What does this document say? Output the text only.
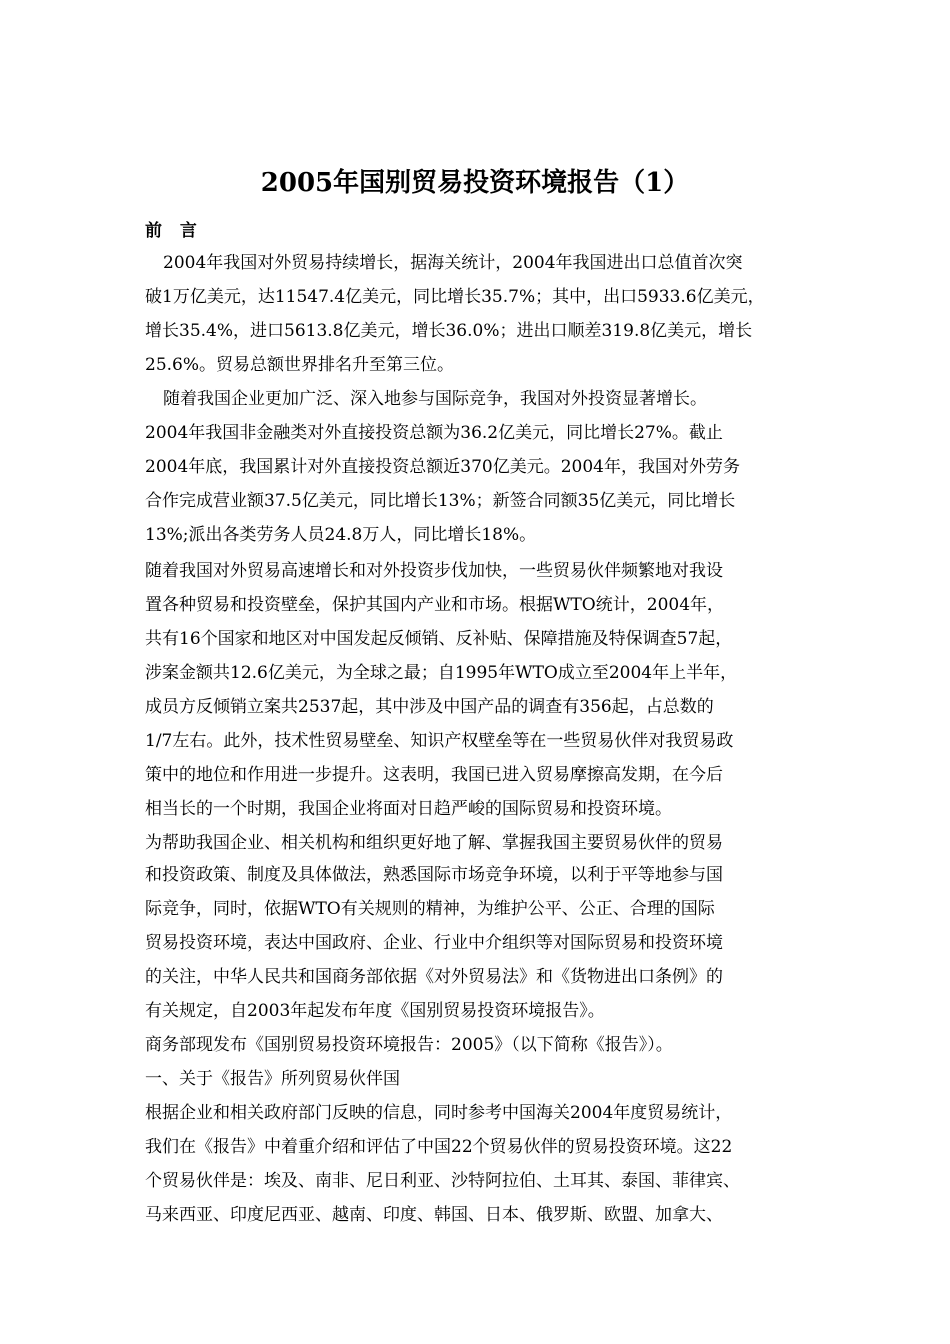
2005年国别贸易投资环境报告（1）
前 言
2004年我国对外贸易持续增长，据海关统计，2004年我国进出口总值首次突
破1万亿美元，达11547.4亿美元，同比增长35.7%；其中，出口5933.6亿美元，
增长35.4%，进口5613.8亿美元，增长36.0%；进出口顺差319.8亿美元，增长
25.6%。贸易总额世界排名升至第三位。
随着我国企业更加广泛、深入地参与国际竞争，我国对外投资显著增长。
2004年我国非金融类对外直接投资总额为36.2亿美元，同比增长27%。截止
2004年底，我国累计对外直接投资总额近370亿美元。2004年，我国对外劳务
合作完成营业额37.5亿美元，同比增长13%；新签合同额35亿美元，同比增长
13%;派出各类劳务人员24.8万人，同比增长18%。
随着我国对外贸易高速增长和对外投资步伐加快，一些贸易伙伴频繁地对我设
置各种贸易和投资壁垒，保护其国内产业和市场。根据WTO统计，2004年，
共有16个国家和地区对中国发起反倾销、反补贴、保障措施及特保调查57起，
涉案金额共12.6亿美元，为全球之最；自1995年WTO成立至2004年上半年，
成员方反倾销立案共2537起，其中涉及中国产品的调查有356起，占总数的
1/7左右。此外，技术性贸易壁垒、知识产权壁垒等在一些贸易伙伴对我贸易政
策中的地位和作用进一步提升。这表明，我国已进入贸易摩擦高发期，在今后
相当长的一个时期，我国企业将面对日趋严峻的国际贸易和投资环境。
为帮助我国企业、相关机构和组织更好地了解、掌握我国主要贸易伙伴的贸易
和投资政策、制度及具体做法，熟悉国际市场竞争环境，以利于平等地参与国
际竞争，同时，依据WTO有关规则的精神，为维护公平、公正、合理的国际
贸易投资环境，表达中国政府、企业、行业中介组织等对国际贸易和投资环境
的关注，中华人民共和国商务部依据《对外贸易法》和《货物进出口条例》的
有关规定，自2003年起发布年度《国别贸易投资环境报告》。
商务部现发布《国别贸易投资环境报告：2005》（以下简称《报告》）。
一、关于《报告》所列贸易伙伴国
根据企业和相关政府部门反映的信息，同时参考中国海关2004年度贸易统计，
我们在《报告》中着重介绍和评估了中国22个贸易伙伴的贸易投资环境。这22
个贸易伙伴是：埃及、南非、尼日利亚、沙特阿拉伯、土耳其、泰国、菲律宾、
马来西亚、印度尼西亚、越南、印度、韩国、日本、俄罗斯、欧盟、加拿大、
